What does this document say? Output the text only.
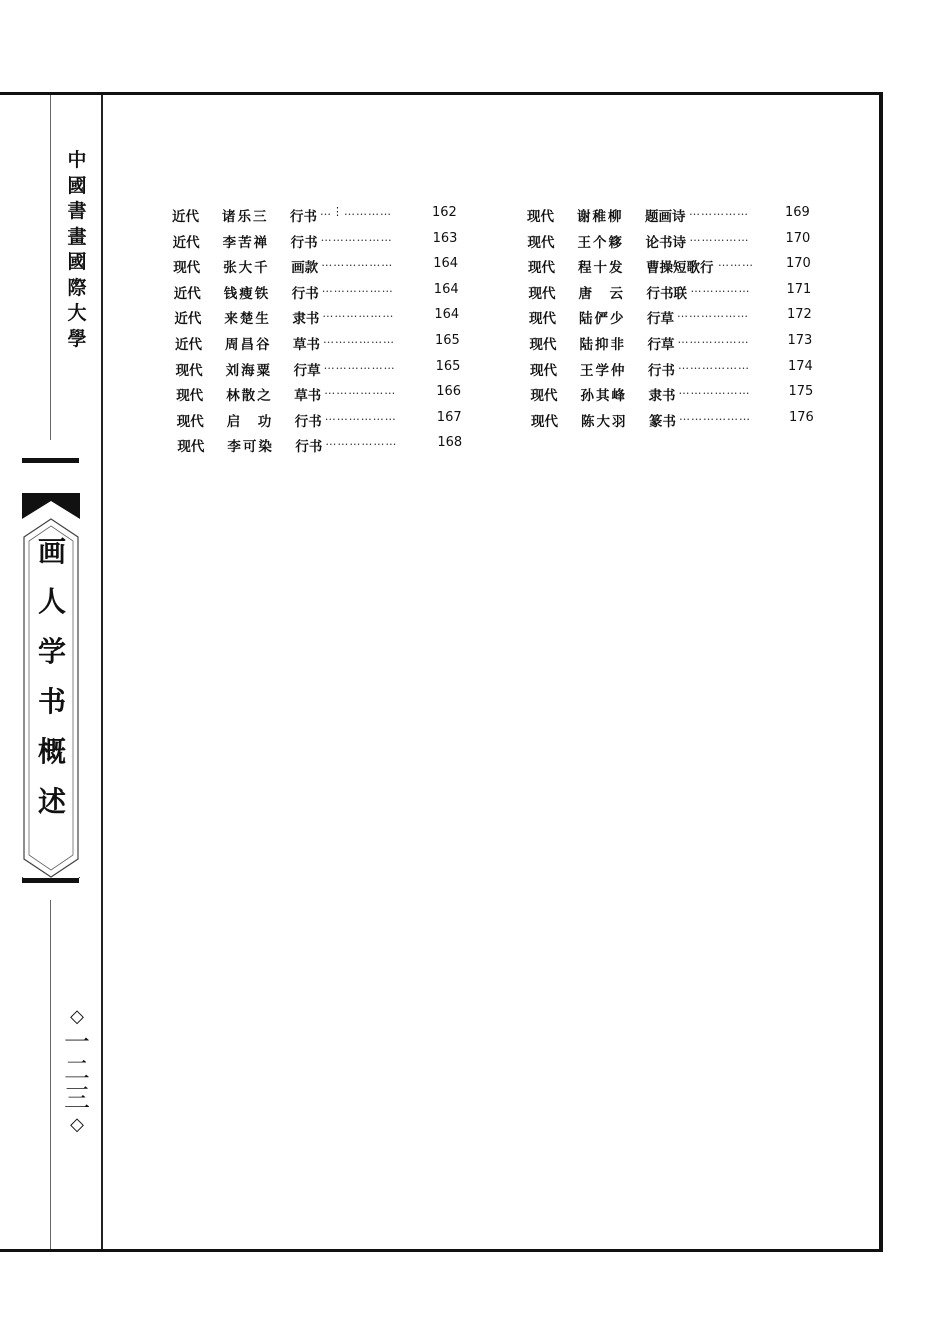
中
國
書
畫
國
際
大
學
画
人
学
书
概
述
◇
一
二
三
◇
近代 诸乐三 行书 …⋮…………	162
近代 李苦禅 行书 ………………	163
现代 张大千 画款 ………………	164
近代 钱瘦铁 行书 ………………	164
近代 来楚生 隶书 ………………	164
近代 周昌谷 草书 ………………	165
现代 刘海粟 行草 ………………	165
现代 林散之 草书 ………………	166
现代 启　功 行书 ………………	167
现代 李可染 行书 ………………	168
现代 谢稚柳 题画诗 ……………	169
现代 王个簃 论书诗 ……………	170
现代 程十发 曹操短歌行 ……… 170
现代 唐　云 行书联 ……………	171
现代 陆俨少 行草 ………………	172
现代 陆抑非 行草 ………………	173
现代 王学仲 行书 ………………	174
现代 孙其峰 隶书 ………………	175
现代 陈大羽 篆书 ………………	176
